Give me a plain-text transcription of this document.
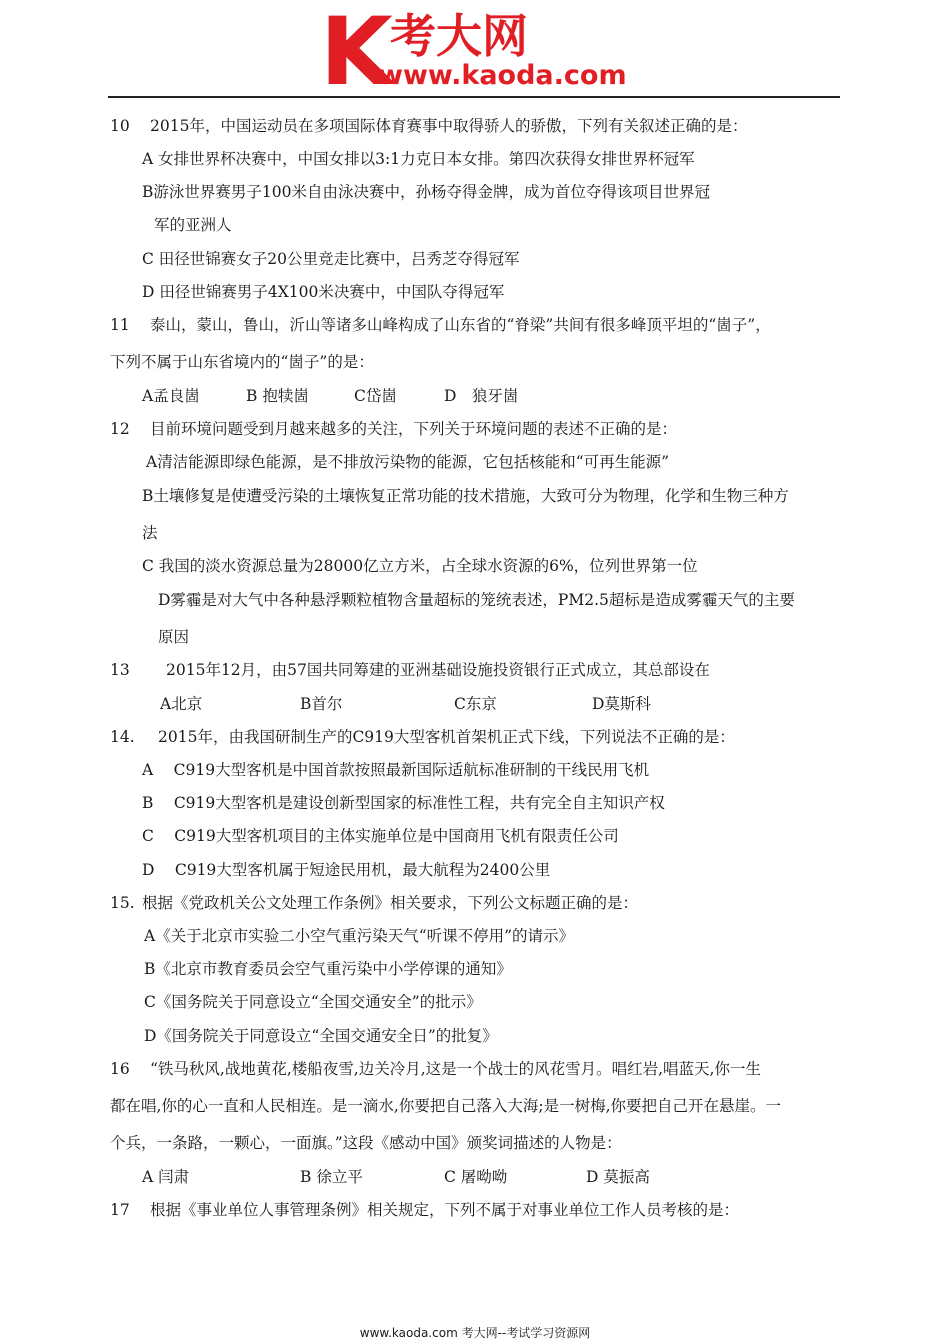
K
考大网
www.kaoda.com
10 2015年，中国运动员在多项国际体育赛事中取得骄人的骄傲，下列有关叙述正确的是：
A 女排世界杯决赛中，中国女排以3:1力克日本女排。第四次获得女排世界杯冠军
B游泳世界赛男子100米自由泳决赛中，孙杨夺得金牌，成为首位夺得该项目世界冠
军的亚洲人
C 田径世锦赛女子20公里竞走比赛中，吕秀芝夺得冠军
D 田径世锦赛男子4X100米决赛中，中国队夺得冠军
11 泰山，蒙山，鲁山，沂山等诸多山峰构成了山东省的“脊梁”共间有很多峰顶平坦的“崮子”，
下列不属于山东省境内的“崮子”的是：
A孟良崮	B 抱犊崮	C岱崮	D　狼牙崮
12 目前环境问题受到月越来越多的关注，下列关于环境问题的表述不正确的是：
A清洁能源即绿色能源，是不排放污染物的能源，它包括核能和“可再生能源”
B土壤修复是使遭受污染的土壤恢复正常功能的技术措施，大致可分为物理，化学和生物三种方
法
C 我国的淡水资源总量为28000亿立方米，占全球水资源的6%，位列世界第一位
D雾霾是对大气中各种悬浮颗粒植物含量超标的笼统表述，PM2.5超标是造成雾霾天气的主要
原因
13 2015年12月，由57国共同筹建的亚洲基础设施投资银行正式成立，其总部设在
A北京	B首尔	C东京	D莫斯科
14. 2015年，由我国研制生产的C919大型客机首架机正式下线，下列说法不正确的是：
A　 C919大型客机是中国首款按照最新国际适航标准研制的干线民用飞机
B　 C919大型客机是建设创新型国家的标准性工程，共有完全自主知识产权
C　 C919大型客机项目的主体实施单位是中国商用飞机有限责任公司
D　 C919大型客机属于短途民用机，最大航程为2400公里
15. 根据《党政机关公文处理工作条例》相关要求，下列公文标题正确的是：
A《关于北京市实验二小空气重污染天气“听课不停用”的请示》
B《北京市教育委员会空气重污染中小学停课的通知》
C《国务院关于同意设立“全国交通安全”的批示》
D《国务院关于同意设立“全国交通安全日”的批复》
16 “铁马秋风,战地黄花,楼船夜雪,边关冷月,这是一个战士的风花雪月。唱红岩,唱蓝天,你一生
都在唱,你的心一直和人民相连。是一滴水,你要把自己落入大海;是一树梅,你要把自己开在悬崖。一
个兵，一条路，一颗心，一面旗。”这段《感动中国》颁奖词描述的人物是：
A 闫肃	B 徐立平	C 屠呦呦	D 莫振高
17 根据《事业单位人事管理条例》相关规定，下列不属于对事业单位工作人员考核的是：
www.kaoda.com 考大网--考试学习资源网
